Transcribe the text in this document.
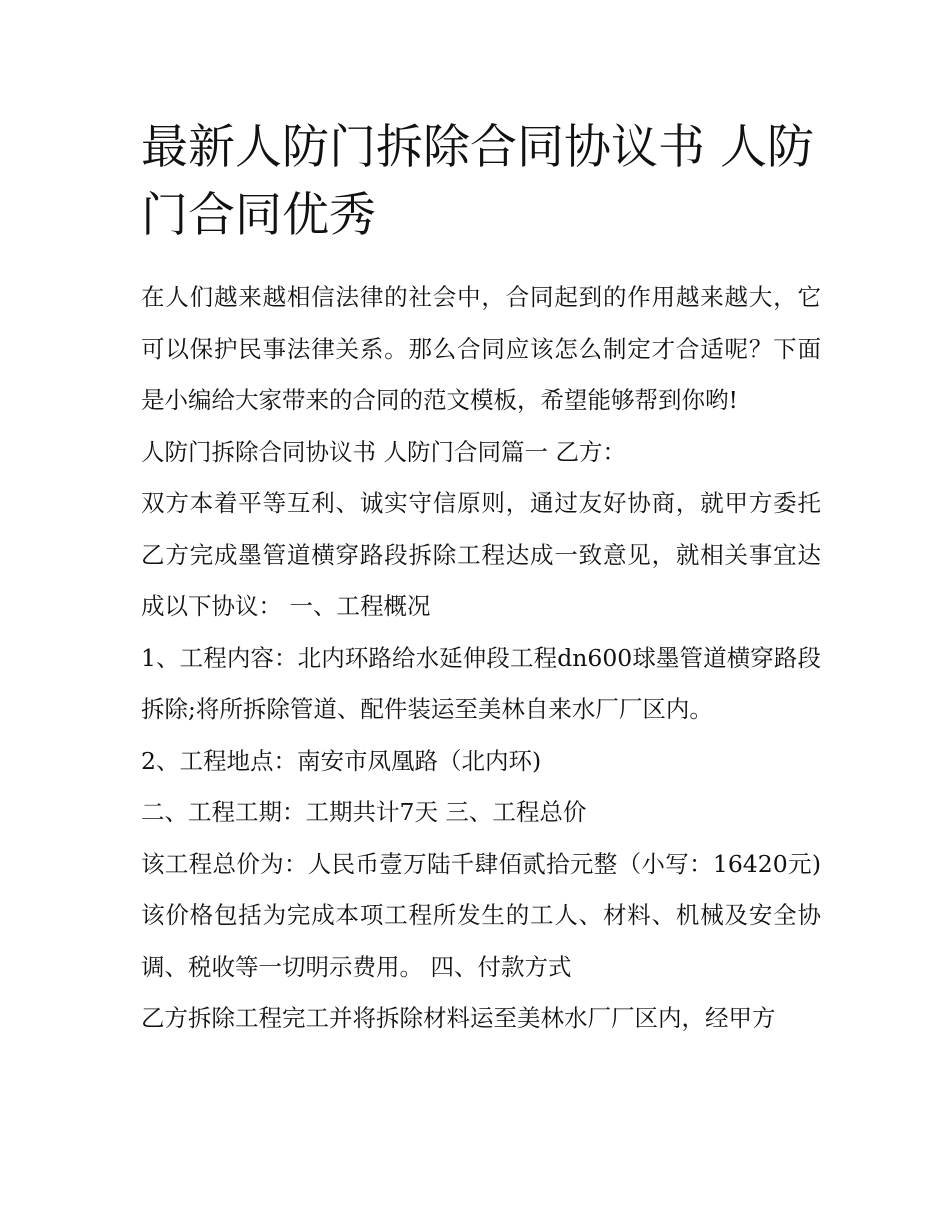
最新人防门拆除合同协议书 人防门合同优秀

在人们越来越相信法律的社会中，合同起到的作用越来越大，它可以保护民事法律关系。那么合同应该怎么制定才合适呢？下面是小编给大家带来的合同的范文模板，希望能够帮到你哟!

人防门拆除合同协议书 人防门合同篇一 乙方：

双方本着平等互利、诚实守信原则，通过友好协商，就甲方委托乙方完成墨管道横穿路段拆除工程达成一致意见，就相关事宜达成以下协议： 一、工程概况

1、工程内容：北内环路给水延伸段工程dn600球墨管道横穿路段拆除;将所拆除管道、配件装运至美林自来水厂厂区内。

2、工程地点：南安市凤凰路（北内环)

二、工程工期：工期共计7天 三、工程总价

该工程总价为：人民币壹万陆千肆佰贰拾元整（小写：16420元)该价格包括为完成本项工程所发生的工人、材料、机械及安全协调、税收等一切明示费用。 四、付款方式

乙方拆除工程完工并将拆除材料运至美林水厂厂区内，经甲方
